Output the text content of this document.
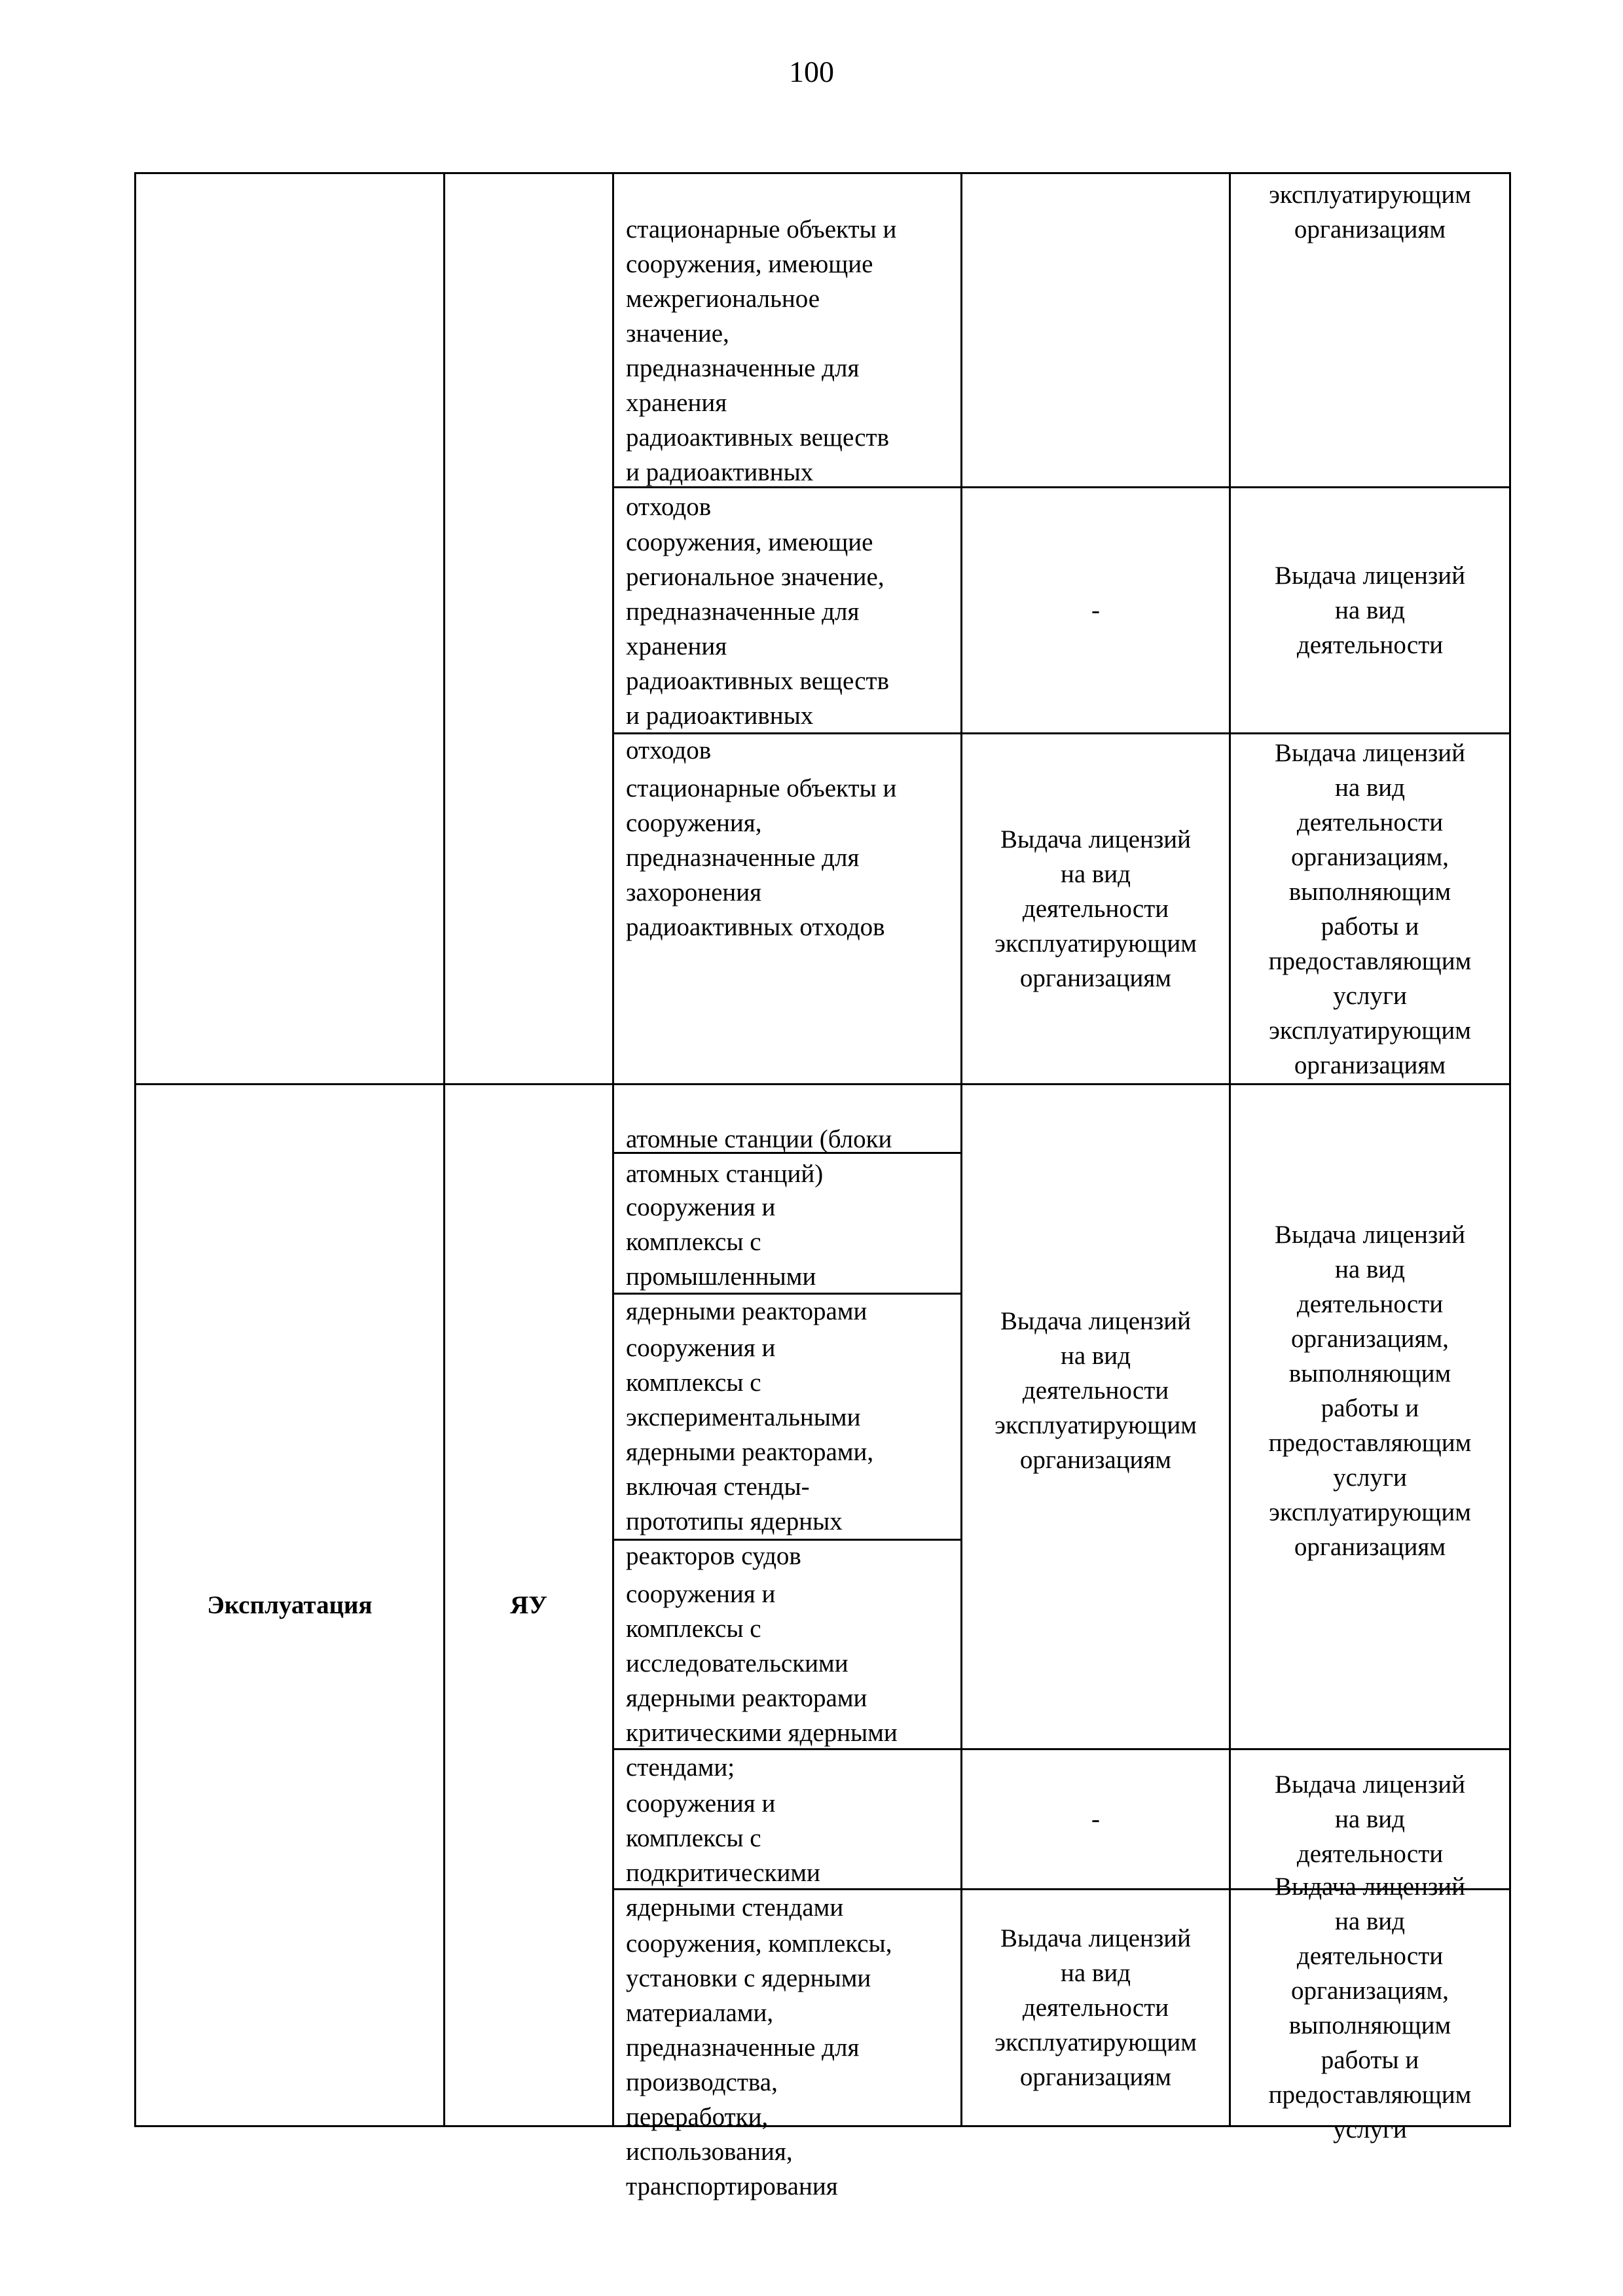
100

стационарные объекты и
сооружения, имеющие
межрегиональное
значение,
предназначенные для
хранения
радиоактивных веществ
и радиоактивных
отходов

эксплуатирующим
организациям

сооружения, имеющие
региональное значение,
предназначенные для
хранения
радиоактивных веществ
и радиоактивных
отходов

-
Выдача лицензий
на вид
деятельности

стационарные объекты и
сооружения,
предназначенные для
захоронения
радиоактивных отходов

Выдача лицензий
на вид
деятельности
эксплуатирующим
организациям
Выдача лицензий
на вид
деятельности
организациям,
выполняющим
работы и
предоставляющим
услуги
эксплуатирующим
организациям
Эксплуатация	ЯУ

атомные станции (блоки
атомных станций)

сооружения и
комплексы с
промышленными
ядерными реакторами

сооружения и
комплексы с
экспериментальными
ядерными реакторами,
включая стенды-
прототипы ядерных
реакторов судов

сооружения и
комплексы с
исследовательскими
ядерными реакторами
критическими ядерными
стендами;

сооружения и
комплексы с
подкритическими
ядерными стендами

сооружения, комплексы,
установки с ядерными
материалами,
предназначенные для
производства,
переработки,
использования,
транспортирования

Выдача лицензий
на вид
деятельности
эксплуатирующим
организациям
Выдача лицензий
на вид
деятельности
организациям,
выполняющим
работы и
предоставляющим
услуги
эксплуатирующим
организациям
-
Выдача лицензий
на вид
деятельности
Выдача лицензий
на вид
деятельности
эксплуатирующим
организациям
Выдача лицензий
на вид
деятельности
организациям,
выполняющим
работы и
предоставляющим
услуги
